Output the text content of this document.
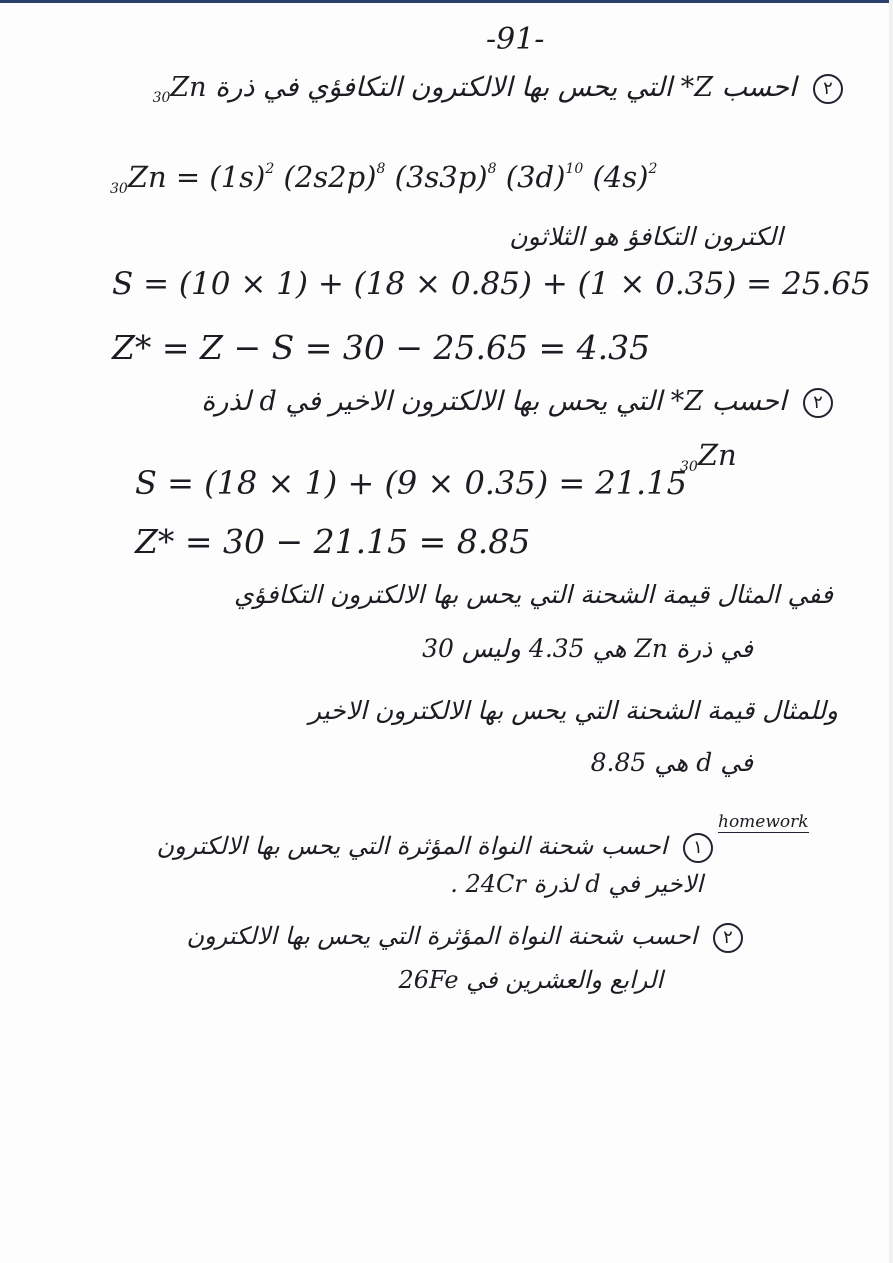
-91-
٢ احسب Z* التي يحس بها الالكترون التكافؤي في ذرة $_{30}$Zn
$_{30}Zn = (1s)^2$ $(2s2p)^8$ $(3s3p)^8$ $(3d)^{10}$ $(4s)^2$
الكترون التكافؤ هو الثلاثون
S = (10 × 1) + (18 × 0.85) + (1 × 0.35) = 25.65
Z* = Z − S = 30 − 25.65 = 4.35
٢ احسب Z* التي يحس بها الالكترون الاخير في d لذرة
$_{30}$Zn
S = (18 × 1) + (9 × 0.35) = 21.15
Z* = 30 − 21.15 = 8.85
ففي المثال قيمة الشحنة التي يحس بها الالكترون التكافؤي
في ذرة Zn هي 4.35 وليس 30
وللمثال قيمة الشحنة التي يحس بها الالكترون الاخير
في d هي 8.85
homework
١ احسب شحنة النواة المؤثرة التي يحس بها الالكترون
الاخير في d لذرة 24Cr .
٢ احسب شحنة النواة المؤثرة التي يحس بها الالكترون
الرابع والعشرين في 26Fe
